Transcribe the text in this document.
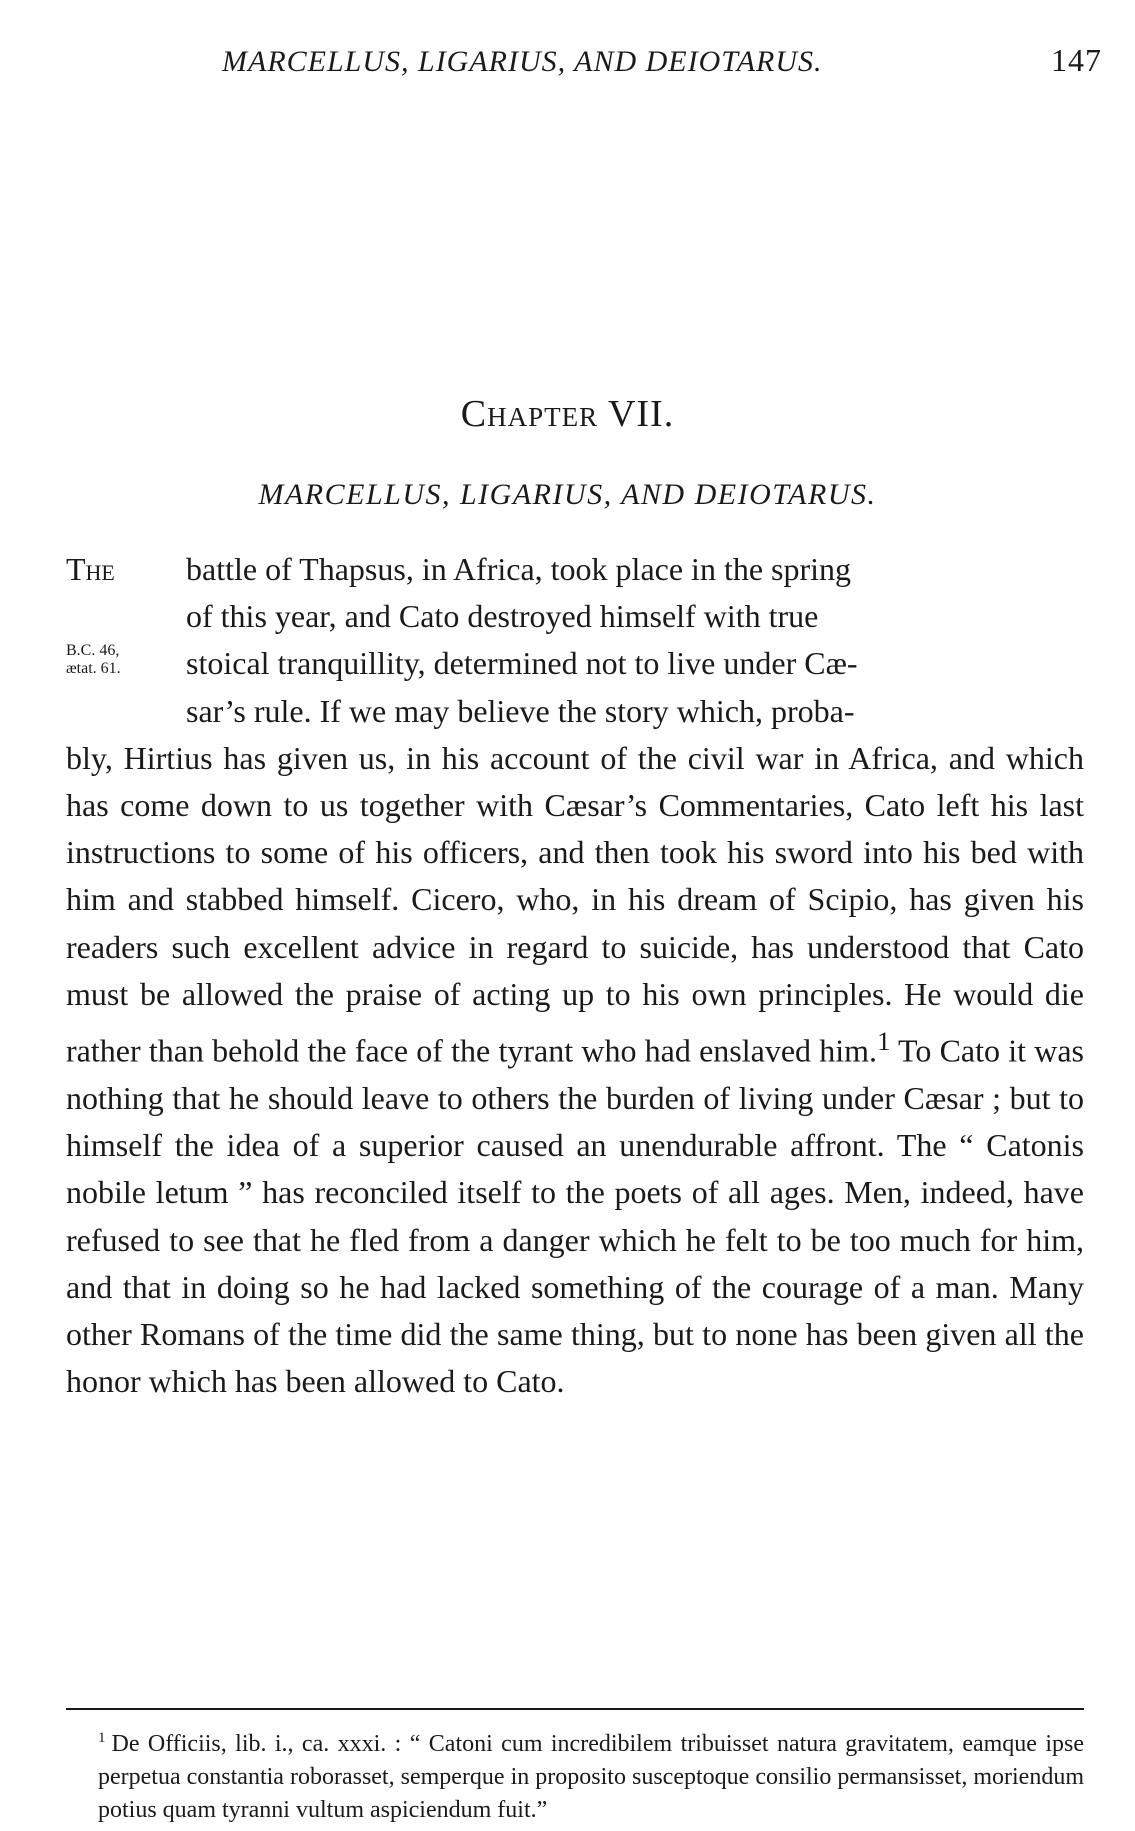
MARCELLUS, LIGARIUS, AND DEIOTARUS.	147
Chapter VII.
MARCELLUS, LIGARIUS, AND DEIOTARUS.
B.C. 46,
ætat. 61.

The battle of Thapsus, in Africa, took place in the spring

of this year, and Cato destroyed himself with true

stoical tranquillity, determined not to live under Cæ-

sar’s rule. If we may believe the story which, proba-

bly, Hirtius has given us, in his account of the civil war in Africa, and which has come down to us together with Cæsar’s Commentaries, Cato left his last instructions to some of his officers, and then took his sword into his bed with him and stabbed himself. Cicero, who, in his dream of Scipio, has given his readers such excellent advice in regard to suicide, has understood that Cato must be allowed the praise of acting up to his own principles. He would die rather than behold the face of the tyrant who had enslaved him.$^1$ To Cato it was nothing that he should leave to others the burden of living under Cæsar ; but to himself the idea of a superior caused an unendurable affront. The “ Catonis nobile letum ” has reconciled itself to the poets of all ages. Men, indeed, have refused to see that he fled from a danger which he felt to be too much for him, and that in doing so he had lacked something of the courage of a man. Many other Romans of the time did the same thing, but to none has been given all the honor which has been allowed to Cato.

$^1$ De Officiis, lib. i., ca. xxxi. : “ Catoni cum incredibilem tribuisset natura gravitatem, eamque ipse perpetua constantia roborasset, semperque in proposito susceptoque consilio permansisset, moriendum potius quam tyranni vultum aspiciendum fuit.”
